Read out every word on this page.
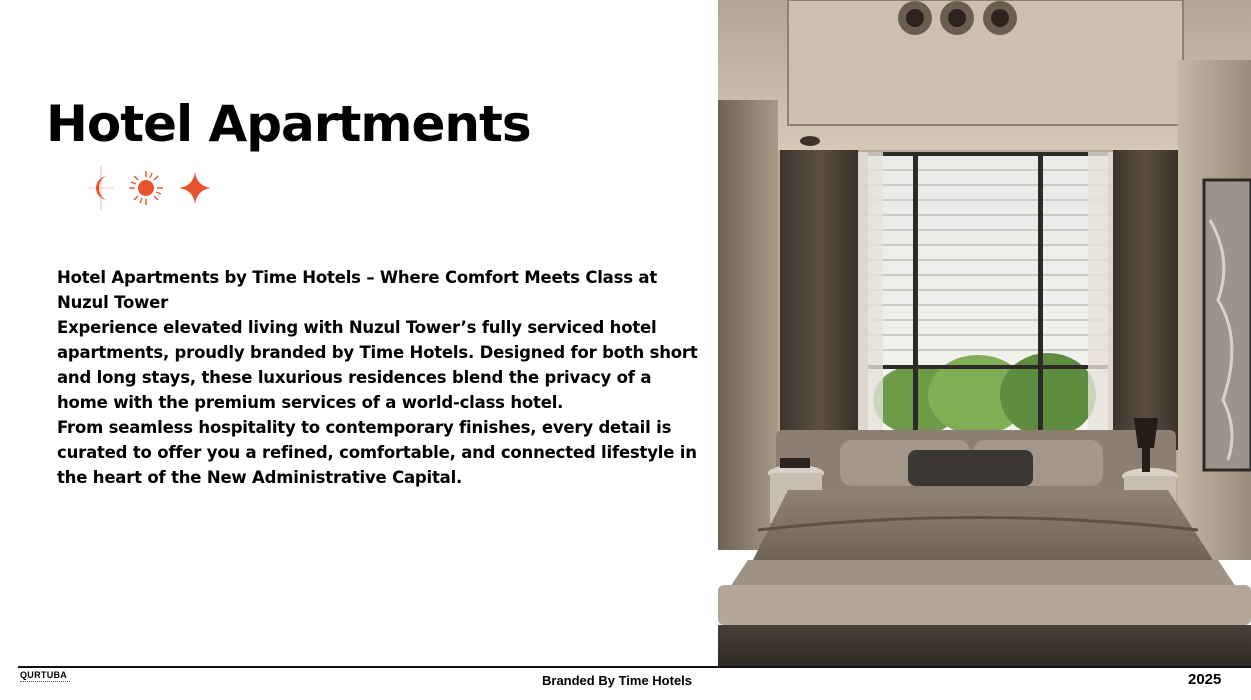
Hotel Apartments

Hotel Apartments by Time Hotels – Where Comfort Meets Class at Nuzul Tower

Experience elevated living with Nuzul Tower’s fully serviced hotel apartments, proudly branded by Time Hotels. Designed for both short and long stays, these luxurious residences blend the privacy of a home with the premium services of a world-class hotel.

From seamless hospitality to contemporary finishes, every detail is curated to offer you a refined, comfortable, and connected lifestyle in the heart of the New Administrative Capital.

QURTUBA	Branded By Time Hotels	2025
